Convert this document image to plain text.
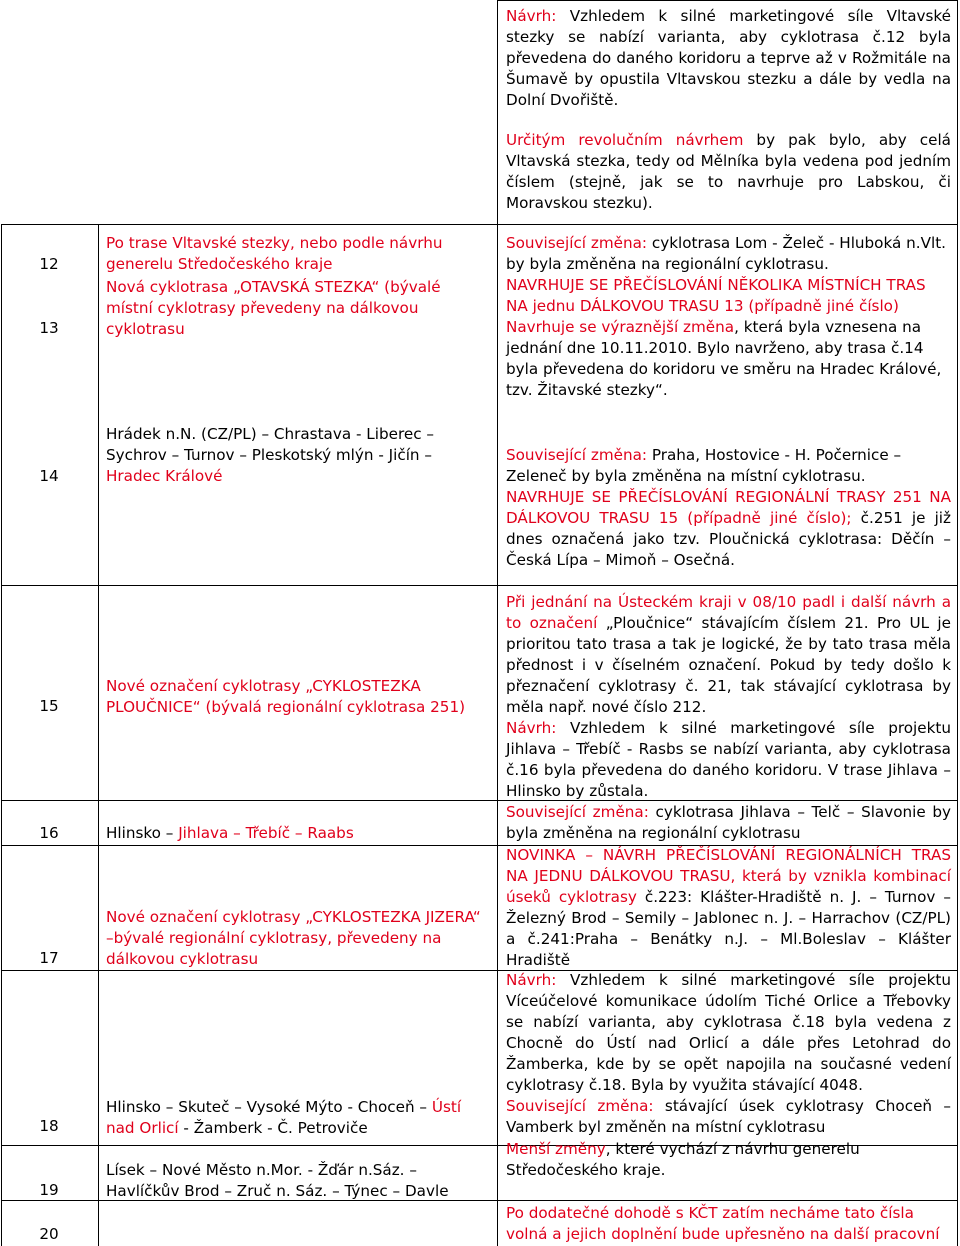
12
13
14
15
16
17
18
19
20
Po trase Vltavské stezky, nebo podle návrhu generelu Středočeského kraje
Nová cyklotrasa „OTAVSKÁ STEZKA“ (bývalé místní cyklotrasy převedeny na dálkovou cyklotrasu
Hrádek n.N. (CZ/PL) – Chrastava - Liberec – Sychrov – Turnov – Pleskotský mlýn - Jičín – Hradec Králové
Nové označení cyklotrasy „CYKLOSTEZKA PLOUČNICE“ (bývalá regionální cyklotrasa 251)
Hlinsko – Jihlava – Třebíč – Raabs
Nové označení cyklotrasy „CYKLOSTEZKA JIZERA“ –bývalé regionální cyklotrasy, převedeny na dálkovou cyklotrasu
Hlinsko – Skuteč – Vysoké Mýto - Choceň – Ústí nad Orlicí - Žamberk - Č. Petroviče
Lísek – Nové Město n.Mor. - Žďár n.Sáz. – Havlíčkův Brod – Zruč n. Sáz. – Týnec – Davle
Návrh: Vzhledem k silné marketingové síle Vltavské stezky se nabízí varianta, aby cyklotrasa č.12 byla převedena do daného koridoru a teprve až v Rožmitále na Šumavě by opustila Vltavskou stezku a dále by vedla na Dolní Dvořiště.
Určitým revolučním návrhem by pak bylo, aby celá Vltavská stezka, tedy od Mělníka byla vedena pod jedním číslem (stejně, jak se to navrhuje pro Labskou, či Moravskou stezku).
Související změna: cyklotrasa Lom - Želeč - Hluboká n.Vlt. by byla změněna na regionální cyklotrasu.
NAVRHUJE SE PŘEČÍSLOVÁNÍ NĚKOLIKA MÍSTNÍCH TRAS NA jednu DÁLKOVOU TRASU 13 (případně jiné číslo)
Navrhuje se výraznější změna, která byla vznesena na jednání dne 10.11.2010. Bylo navrženo, aby trasa č.14 byla převedena do koridoru ve směru na Hradec Králové, tzv. Žitavské stezky“.
Související změna: Praha, Hostovice - H. Počernice – Zeleneč by byla změněna na místní cyklotrasu.
NAVRHUJE SE PŘEČÍSLOVÁNÍ REGIONÁLNÍ TRASY 251 NA DÁLKOVOU TRASU 15 (případně jiné číslo); č.251 je již dnes označená jako tzv. Ploučnická cyklotrasa: Děčín – Česká Lípa – Mimoň – Osečná.
Při jednání na Ústeckém kraji v 08/10 padl i další návrh a to označení „Ploučnice“ stávajícím číslem 21. Pro UL je prioritou tato trasa a tak je logické, že by tato trasa měla přednost i v číselném označení. Pokud by tedy došlo k přeznačení cyklotrasy č. 21, tak stávající cyklotrasa by měla např. nové číslo 212.
Návrh: Vzhledem k silné marketingové síle projektu Jihlava – Třebíč - Rasbs se nabízí varianta, aby cyklotrasa č.16 byla převedena do daného koridoru. V trase Jihlava – Hlinsko by zůstala.
Související změna: cyklotrasa Jihlava – Telč – Slavonie by byla změněna na regionální cyklotrasu
NOVINKA – NÁVRH PŘEČÍSLOVÁNÍ REGIONÁLNÍCH TRAS NA JEDNU DÁLKOVOU TRASU, která by vznikla kombinací úseků cyklotrasy č.223: Klášter-Hradiště n. J. – Turnov – Železný Brod – Semily – Jablonec n. J. – Harrachov (CZ/PL) a č.241:Praha – Benátky n.J. – Ml.Boleslav – Klášter Hradiště
Návrh: Vzhledem k silné marketingové síle projektu Víceúčelové komunikace údolím Tiché Orlice a Třebovky se nabízí varianta, aby cyklotrasa č.18 byla vedena z Chocně do Ústí nad Orlicí a dále přes Letohrad do Žamberka, kde by se opět napojila na současné vedení cyklotrasy č.18. Byla by využita stávající 4048.
Související změna: stávající úsek cyklotrasy Choceň – Vamberk byl změněn na místní cyklotrasu
Menší změny, které vychází z návrhu generelu Středočeského kraje.
Po dodatečné dohodě s KČT zatím necháme tato čísla volná a jejich doplnění bude upřesněno na další pracovní
